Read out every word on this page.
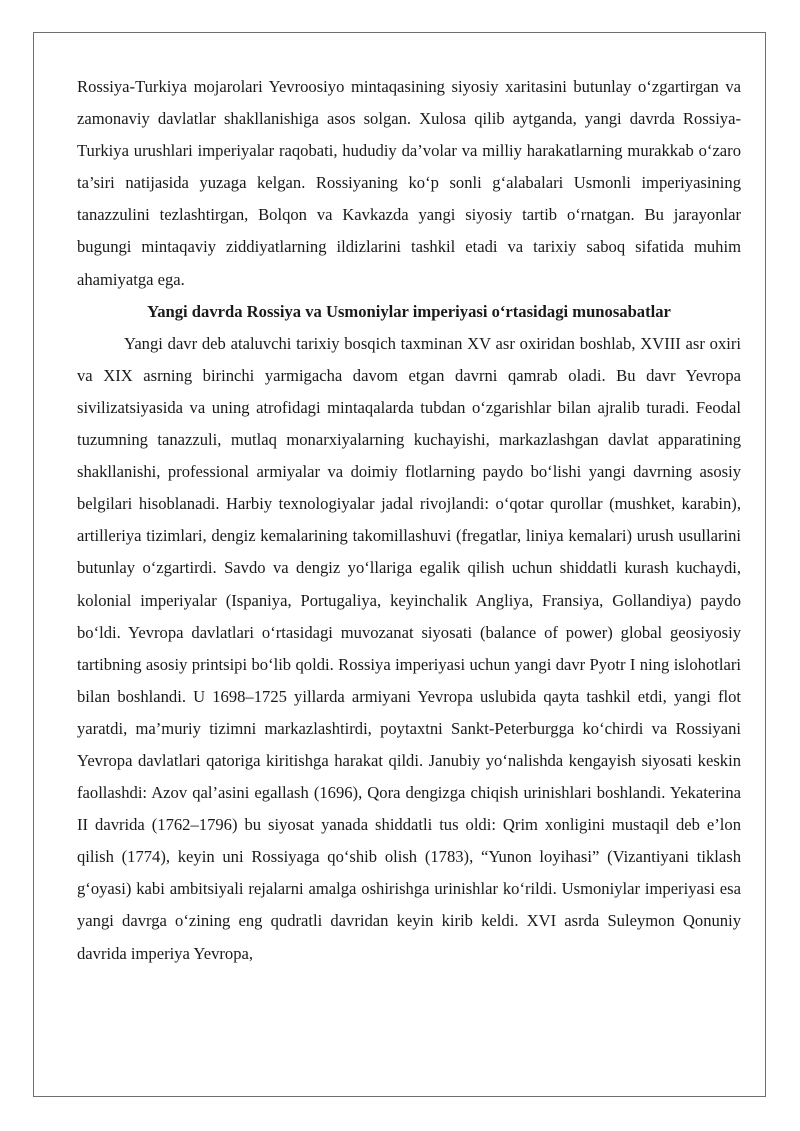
Rossiya-Turkiya mojarolari Yevroosiyo mintaqasining siyosiy xaritasini butunlay o‘zgartirgan va zamonaviy davlatlar shakllanishiga asos solgan. Xulosa qilib aytganda, yangi davrda Rossiya-Turkiya urushlari imperiyalar raqobati, hududiy da’volar va milliy harakatlarning murakkab o‘zaro ta’siri natijasida yuzaga kelgan. Rossiyaning ko‘p sonli g‘alabalari Usmonli imperiyasining tanazzulini tezlashtirgan, Bolqon va Kavkazda yangi siyosiy tartib o‘rnatgan. Bu jarayonlar bugungi mintaqaviy ziddiyatlarning ildizlarini tashkil etadi va tarixiy saboq sifatida muhim ahamiyatga ega.

Yangi davrda Rossiya va Usmoniylar imperiyasi o‘rtasidagi munosabatlar

Yangi davr deb ataluvchi tarixiy bosqich taxminan XV asr oxiridan boshlab, XVIII asr oxiri va XIX asrning birinchi yarmigacha davom etgan davrni qamrab oladi. Bu davr Yevropa sivilizatsiyasida va uning atrofidagi mintaqalarda tubdan o‘zgarishlar bilan ajralib turadi. Feodal tuzumning tanazzuli, mutlaq monarxiyalarning kuchayishi, markazlashgan davlat apparatining shakllanishi, professional armiyalar va doimiy flotlarning paydo bo‘lishi yangi davrning asosiy belgilari hisoblanadi. Harbiy texnologiyalar jadal rivojlandi: o‘qotar qurollar (mushket, karabin), artilleriya tizimlari, dengiz kemalarining takomillashuvi (fregatlar, liniya kemalari) urush usullarini butunlay o‘zgartirdi. Savdo va dengiz yo‘llariga egalik qilish uchun shiddatli kurash kuchaydi, kolonial imperiyalar (Ispaniya, Portugaliya, keyinchalik Angliya, Fransiya, Gollandiya) paydo bo‘ldi. Yevropa davlatlari o‘rtasidagi muvozanat siyosati (balance of power) global geosiyosiy tartibning asosiy printsipi bo‘lib qoldi. Rossiya imperiyasi uchun yangi davr Pyotr I ning islohotlari bilan boshlandi. U 1698–1725 yillarda armiyani Yevropa uslubida qayta tashkil etdi, yangi flot yaratdi, ma’muriy tizimni markazlashtirdi, poytaxtni Sankt-Peterburgga ko‘chirdi va Rossiyani Yevropa davlatlari qatoriga kiritishga harakat qildi. Janubiy yo‘nalishda kengayish siyosati keskin faollashdi: Azov qal’asini egallash (1696), Qora dengizga chiqish urinishlari boshlandi. Yekaterina II davrida (1762–1796) bu siyosat yanada shiddatli tus oldi: Qrim xonligini mustaqil deb e’lon qilish (1774), keyin uni Rossiyaga qo‘shib olish (1783), “Yunon loyihasi” (Vizantiyani tiklash g‘oyasi) kabi ambitsiyali rejalarni amalga oshirishga urinishlar ko‘rildi. Usmoniylar imperiyasi esa yangi davrga o‘zining eng qudratli davridan keyin kirib keldi. XVI asrda Suleymon Qonuniy davrida imperiya Yevropa,
